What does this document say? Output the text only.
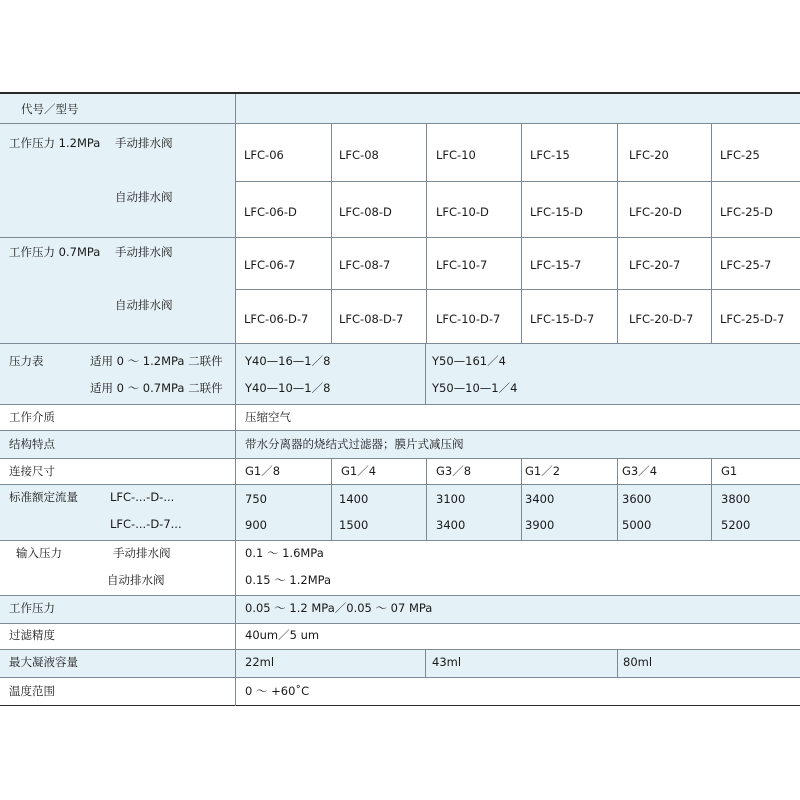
代号／型号
工作压力 1.2MPa 手动排水阀
LFC-06	LFC-08	LFC-10	LFC-15	LFC-20	LFC-25
自动排水阀
LFC-06-D	LFC-08-D	LFC-10-D	LFC-15-D	LFC-20-D	LFC-25-D
工作压力 0.7MPa 手动排水阀
LFC-06-7	LFC-08-7	LFC-10-7	LFC-15-7	LFC-20-7	LFC-25-7
自动排水阀
LFC-06-D-7	LFC-08-D-7	LFC-10-D-7	LFC-15-D-7	LFC-20-D-7 LFC-25-D-7
压力表	适用 0 ～ 1.2MPa 二联件 Y40—16—1／8	Y50—161／4
适用 0 ～ 0.7MPa 二联件 Y40—10—1／8	Y50—10—1／4
工作介质	压缩空气
结构特点	带水分离器的烧结式过滤器；膜片式减压阀
连接尺寸	G1／8	G1／4	G3／8	G1／2	G3／4	G1
标准额定流量	LFC-...-D-...	750	1400	3100	3400	3600	3800
LFC-...-D-7...	900	1500	3400	3900	5000	5200
输入压力	手动排水阀	0.1 ～ 1.6MPa
自动排水阀	0.15 ～ 1.2MPa
工作压力	0.05 ～ 1.2 MPa／0.05 ～ 07 MPa
过滤精度	40um／5 um
最大凝液容量	22ml	43ml	80ml
温度范围	0 ～ +60˚C
